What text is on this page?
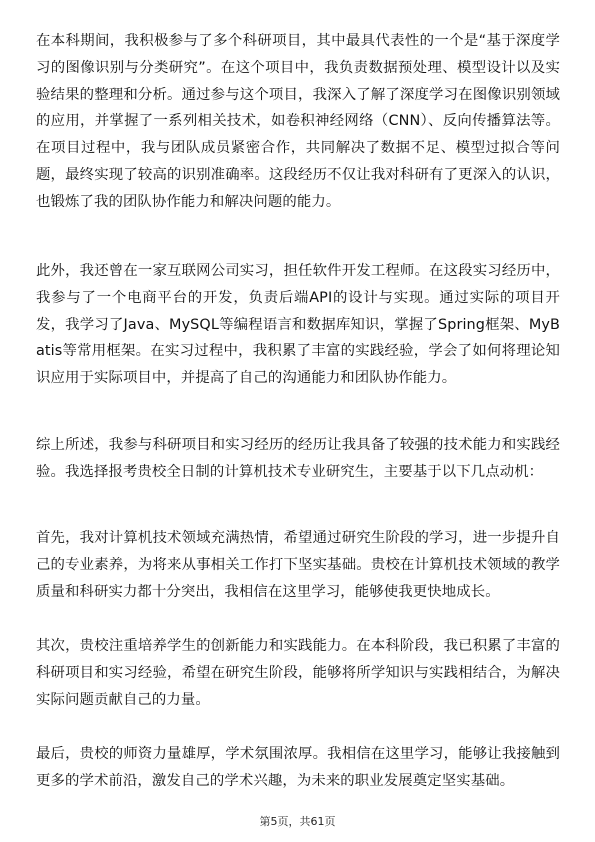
在本科期间，我积极参与了多个科研项目，其中最具代表性的一个是“基于深度学习的图像识别与分类研究”。在这个项目中，我负责数据预处理、模型设计以及实验结果的整理和分析。通过参与这个项目，我深入了解了深度学习在图像识别领域的应用，并掌握了一系列相关技术，如卷积神经网络（CNN）、反向传播算法等。在项目过程中，我与团队成员紧密合作，共同解决了数据不足、模型过拟合等问题，最终实现了较高的识别准确率。这段经历不仅让我对科研有了更深入的认识，也锻炼了我的团队协作能力和解决问题的能力。

此外，我还曾在一家互联网公司实习，担任软件开发工程师。在这段实习经历中，我参与了一个电商平台的开发，负责后端API的设计与实现。通过实际的项目开发，我学习了Java、MySQL等编程语言和数据库知识，掌握了Spring框架、MyBatis等常用框架。在实习过程中，我积累了丰富的实践经验，学会了如何将理论知识应用于实际项目中，并提高了自己的沟通能力和团队协作能力。

综上所述，我参与科研项目和实习经历的经历让我具备了较强的技术能力和实践经验。我选择报考贵校全日制的计算机技术专业研究生，主要基于以下几点动机：

首先，我对计算机技术领域充满热情，希望通过研究生阶段的学习，进一步提升自己的专业素养，为将来从事相关工作打下坚实基础。贵校在计算机技术领域的教学质量和科研实力都十分突出，我相信在这里学习，能够使我更快地成长。

其次，贵校注重培养学生的创新能力和实践能力。在本科阶段，我已积累了丰富的科研项目和实习经验，希望在研究生阶段，能够将所学知识与实践相结合，为解决实际问题贡献自己的力量。

最后，贵校的师资力量雄厚，学术氛围浓厚。我相信在这里学习，能够让我接触到更多的学术前沿，激发自己的学术兴趣，为未来的职业发展奠定坚实基础。

第5页，共61页
